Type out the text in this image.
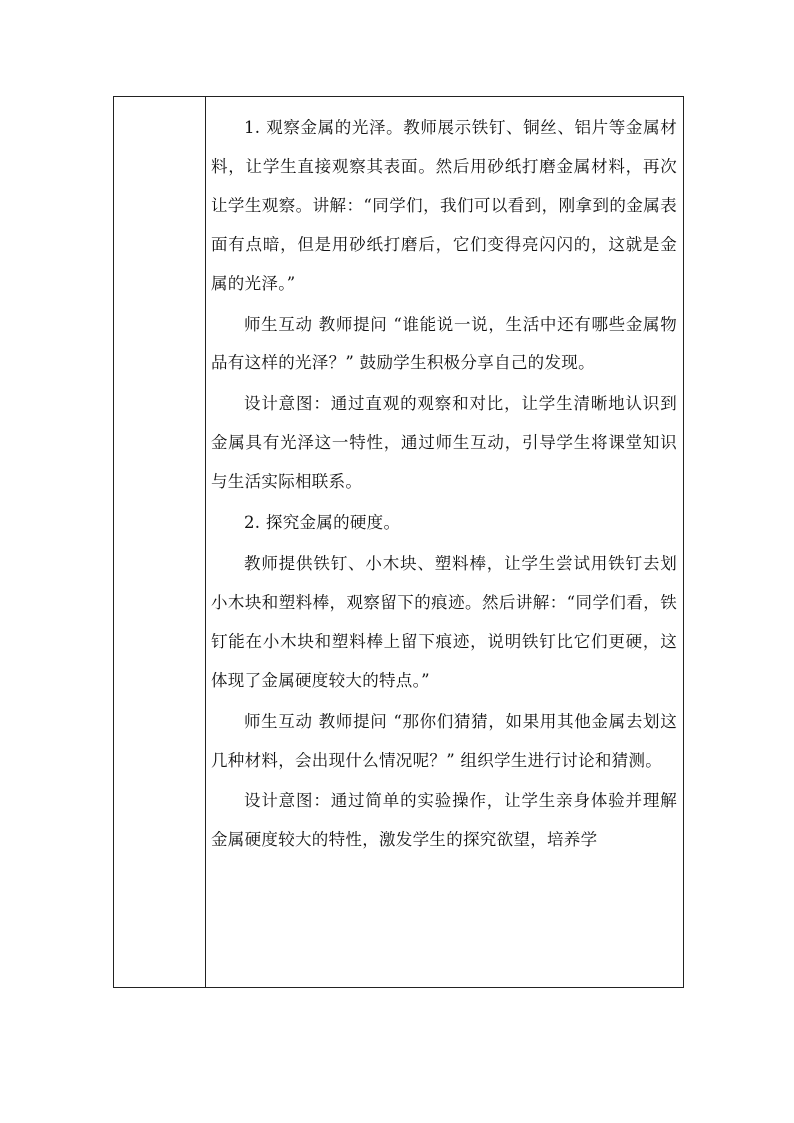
1. 观察金属的光泽。教师展示铁钉、铜丝、铝片等金属材料，让学生直接观察其表面。然后用砂纸打磨金属材料，再次让学生观察。讲解：“同学们，我们可以看到，刚拿到的金属表面有点暗，但是用砂纸打磨后，它们变得亮闪闪的，这就是金属的光泽。”

师生互动 教师提问 “谁能说一说，生活中还有哪些金属物品有这样的光泽？” 鼓励学生积极分享自己的发现。

设计意图：通过直观的观察和对比，让学生清晰地认识到金属具有光泽这一特性，通过师生互动，引导学生将课堂知识与生活实际相联系。

2. 探究金属的硬度。

教师提供铁钉、小木块、塑料棒，让学生尝试用铁钉去划小木块和塑料棒，观察留下的痕迹。然后讲解：“同学们看，铁钉能在小木块和塑料棒上留下痕迹，说明铁钉比它们更硬，这体现了金属硬度较大的特点。”

师生互动 教师提问 “那你们猜猜，如果用其他金属去划这几种材料，会出现什么情况呢？” 组织学生进行讨论和猜测。

设计意图：通过简单的实验操作，让学生亲身体验并理解金属硬度较大的特性，激发学生的探究欲望，培养学
